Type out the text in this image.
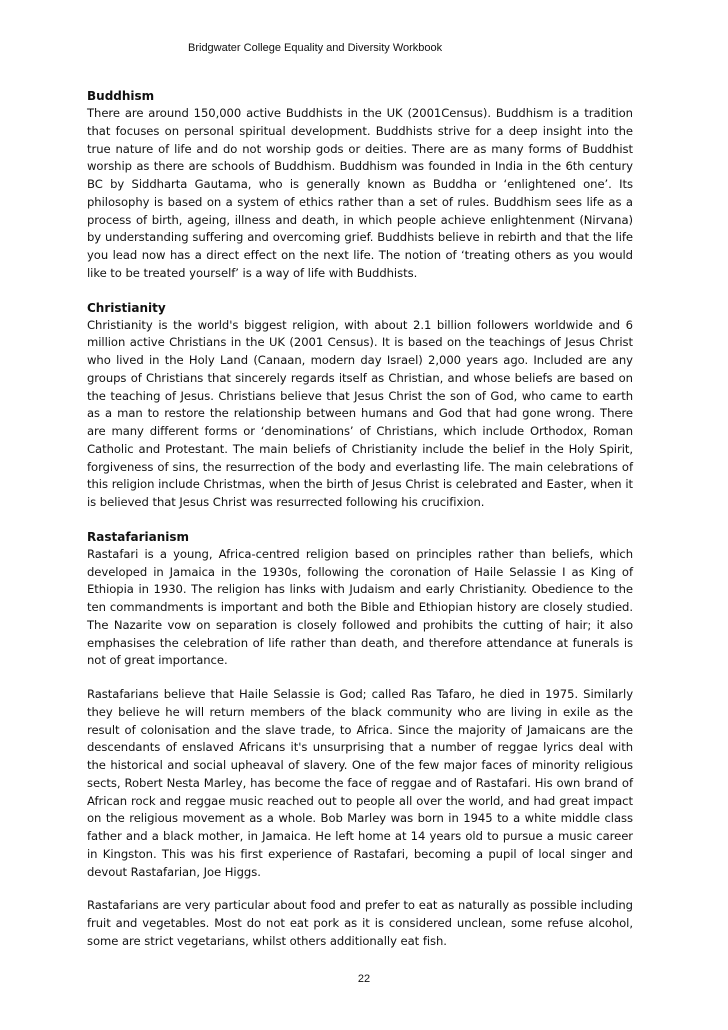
Bridgwater College Equality and Diversity Workbook
Buddhism

There are around 150,000 active Buddhists in the UK (2001Census). Buddhism is a tradition that focuses on personal spiritual development. Buddhists strive for a deep insight into the true nature of life and do not worship gods or deities. There are as many forms of Buddhist worship as there are schools of Buddhism. Buddhism was founded in India in the 6th century BC by Siddharta Gautama, who is generally known as Buddha or ‘enlightened one’. Its philosophy is based on a system of ethics rather than a set of rules. Buddhism sees life as a process of birth, ageing, illness and death, in which people achieve enlightenment (Nirvana) by understanding suffering and overcoming grief. Buddhists believe in rebirth and that the life you lead now has a direct effect on the next life. The notion of ‘treating others as you would like to be treated yourself’ is a way of life with Buddhists.

Christianity

Christianity is the world's biggest religion, with about 2.1 billion followers worldwide and 6 million active Christians in the UK (2001 Census). It is based on the teachings of Jesus Christ who lived in the Holy Land (Canaan, modern day Israel) 2,000 years ago. Included are any groups of Christians that sincerely regards itself as Christian, and whose beliefs are based on the teaching of Jesus. Christians believe that Jesus Christ the son of God, who came to earth as a man to restore the relationship between humans and God that had gone wrong. There are many different forms or ‘denominations’ of Christians, which include Orthodox, Roman Catholic and Protestant. The main beliefs of Christianity include the belief in the Holy Spirit, forgiveness of sins, the resurrection of the body and everlasting life. The main celebrations of this religion include Christmas, when the birth of Jesus Christ is celebrated and Easter, when it is believed that Jesus Christ was resurrected following his crucifixion.

Rastafarianism

Rastafari is a young, Africa-centred religion based on principles rather than beliefs, which developed in Jamaica in the 1930s, following the coronation of Haile Selassie I as King of Ethiopia in 1930. The religion has links with Judaism and early Christianity. Obedience to the ten commandments is important and both the Bible and Ethiopian history are closely studied. The Nazarite vow on separation is closely followed and prohibits the cutting of hair; it also emphasises the celebration of life rather than death, and therefore attendance at funerals is not of great importance.

Rastafarians believe that Haile Selassie is God; called Ras Tafaro, he died in 1975. Similarly they believe he will return members of the black community who are living in exile as the result of colonisation and the slave trade, to Africa. Since the majority of Jamaicans are the descendants of enslaved Africans it's unsurprising that a number of reggae lyrics deal with the historical and social upheaval of slavery. One of the few major faces of minority religious sects, Robert Nesta Marley, has become the face of reggae and of Rastafari. His own brand of African rock and reggae music reached out to people all over the world, and had great impact on the religious movement as a whole. Bob Marley was born in 1945 to a white middle class father and a black mother, in Jamaica. He left home at 14 years old to pursue a music career in Kingston. This was his first experience of Rastafari, becoming a pupil of local singer and devout Rastafarian, Joe Higgs.

Rastafarians are very particular about food and prefer to eat as naturally as possible including fruit and vegetables. Most do not eat pork as it is considered unclean, some refuse alcohol, some are strict vegetarians, whilst others additionally eat fish.

22
